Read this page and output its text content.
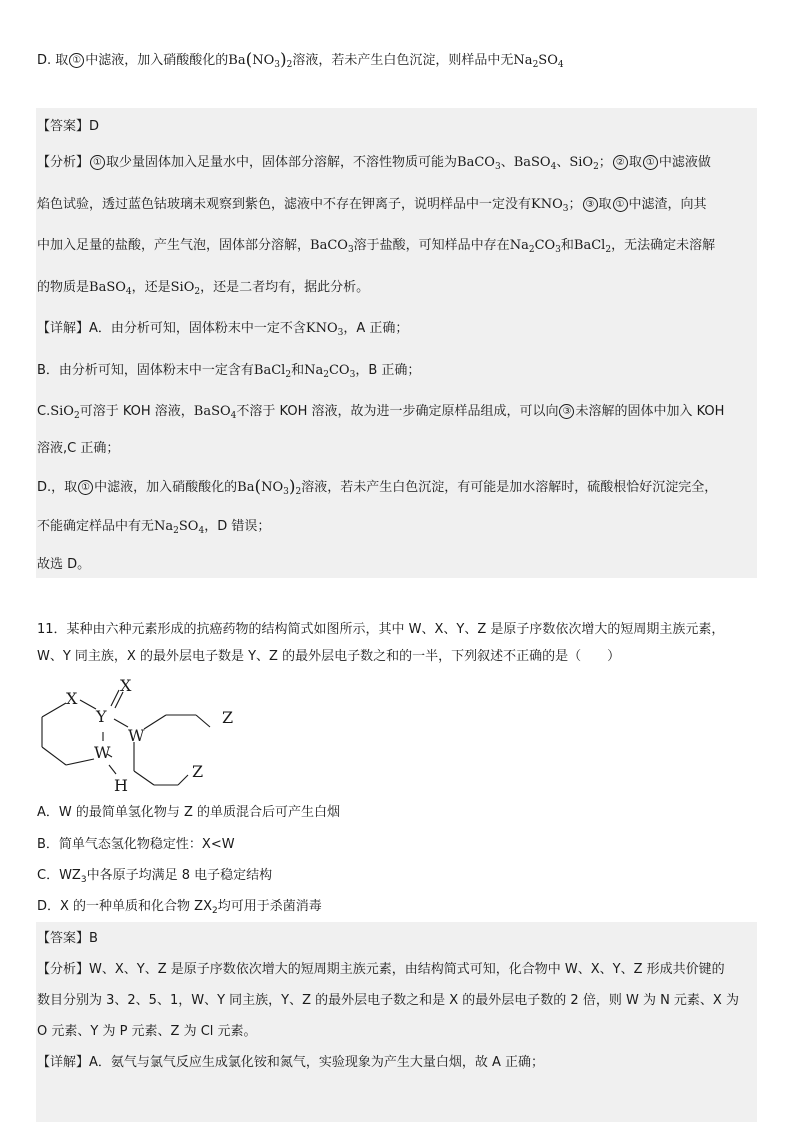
D. 取 ① 中滤液，加入硝酸酸化的$Ba(NO_3)_2$溶液，若未产生白色沉淀，则样品中无$Na_2SO_4$
【答案】D
【分析】 ① 取少量固体加入足量水中，固体部分溶解，不溶性物质可能为BaCO$_3$、BaSO$_4$、SiO$_2$； ② 取 ① 中滤液做
焰色试验，透过蓝色钴玻璃未观察到紫色，滤液中不存在钾离子，说明样品中一定没有$KNO_3$； ③ 取 ① 中滤渣，向其
中加入足量的盐酸，产生气泡，固体部分溶解，BaCO$_3$溶于盐酸，可知样品中存在$Na_2CO_3$和BaCl$_2$，无法确定未溶解
的物质是BaSO$_4$，还是SiO$_2$，还是二者均有，据此分析。
【详解】A．由分析可知，固体粉末中一定不含$KNO_3$，A 正确；
B．由分析可知，固体粉末中一定含有BaCl$_2$和$Na_2CO_3$，B 正确；
C.SiO$_2$可溶于 KOH 溶液，BaSO$_4$不溶于 KOH 溶液，故为进一步确定原样品组成，可以向 ③ 未溶解的固体中加入 KOH
溶液,C 正确；
D.，取 ① 中滤液，加入硝酸酸化的$Ba(NO_3)_2$溶液，若未产生白色沉淀，有可能是加水溶解时，硫酸根恰好沉淀完全，
不能确定样品中有无$Na_2SO_4$，D 错误；
故选 D。
11．某种由六种元素形成的抗癌药物的结构简式如图所示，其中 W、X、Y、Z 是原子序数依次增大的短周期主族元素，
W、Y 同主族，X 的最外层电子数是 Y、Z 的最外层电子数之和的一半，下列叙述不正确的是（　　）
X
X
Y
W
W
Z
Z
H
A．W 的最简单氢化物与 Z 的单质混合后可产生白烟
B．简单气态氢化物稳定性：X<W
C．$WZ_3$中各原子均满足 8 电子稳定结构
D．X 的一种单质和化合物 $ZX_2$均可用于杀菌消毒
【答案】B
【分析】W、X、Y、Z 是原子序数依次增大的短周期主族元素，由结构简式可知，化合物中 W、X、Y、Z 形成共价键的
数目分别为 3、2、5、1，W、Y 同主族，Y、Z 的最外层电子数之和是 X 的最外层电子数的 2 倍，则 W 为 N 元素、X 为
O 元素、Y 为 P 元素、Z 为 Cl 元素。
【详解】A．氨气与氯气反应生成氯化铵和氮气，实验现象为产生大量白烟，故 A 正确；
